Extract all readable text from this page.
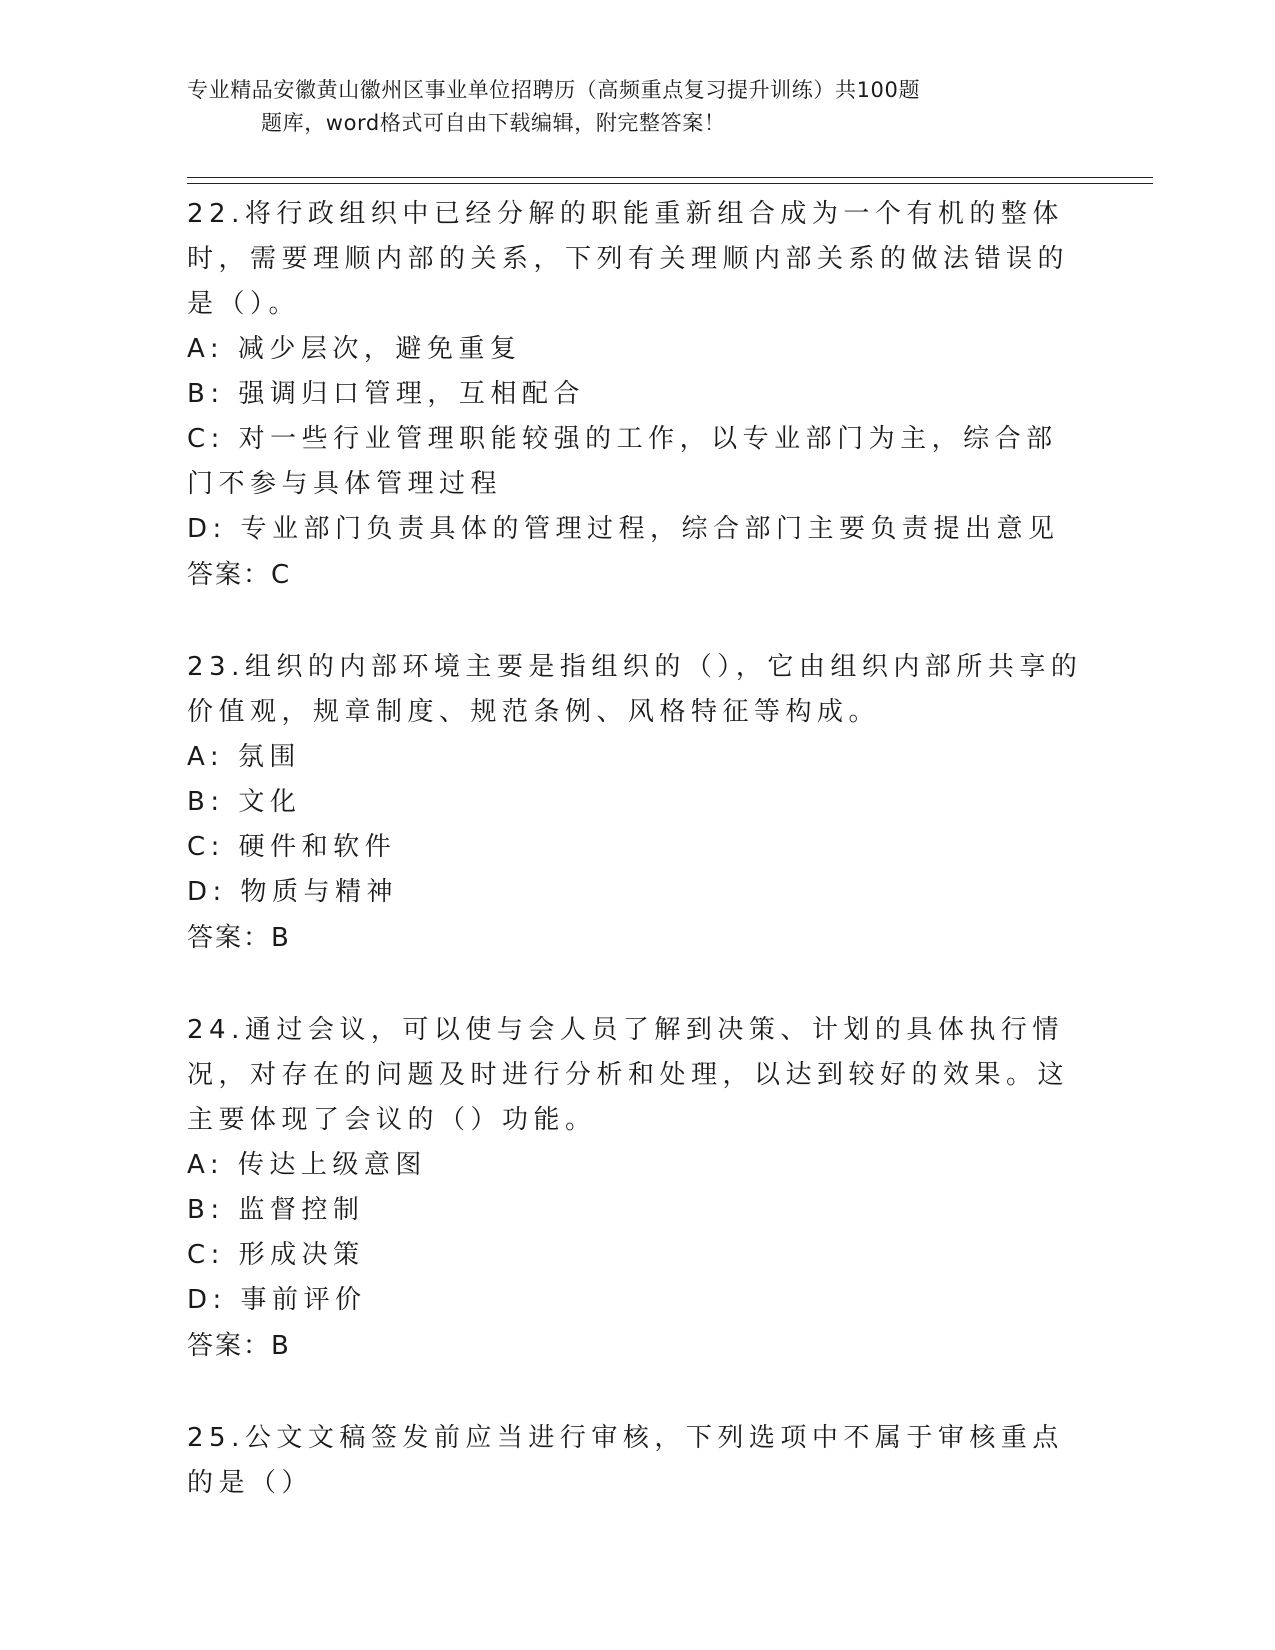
专业精品安徽黄山徽州区事业单位招聘历（高频重点复习提升训练）共100题
题库，word格式可自由下载编辑，附完整答案！
22.将行政组织中已经分解的职能重新组合成为一个有机的整体时，需要理顺内部的关系，下列有关理顺内部关系的做法错误的是（）。
A: 减少层次，避免重复
B: 强调归口管理，互相配合
C: 对一些行业管理职能较强的工作，以专业部门为主，综合部门不参与具体管理过程
D: 专业部门负责具体的管理过程，综合部门主要负责提出意见
答案：C
23.组织的内部环境主要是指组织的（），它由组织内部所共享的价值观，规章制度、规范条例、风格特征等构成。
A: 氛围
B: 文化
C: 硬件和软件
D: 物质与精神
答案：B
24.通过会议，可以使与会人员了解到决策、计划的具体执行情况，对存在的问题及时进行分析和处理，以达到较好的效果。这主要体现了会议的（）功能。
A: 传达上级意图
B: 监督控制
C: 形成决策
D: 事前评价
答案：B
25.公文文稿签发前应当进行审核，下列选项中不属于审核重点的是（）
